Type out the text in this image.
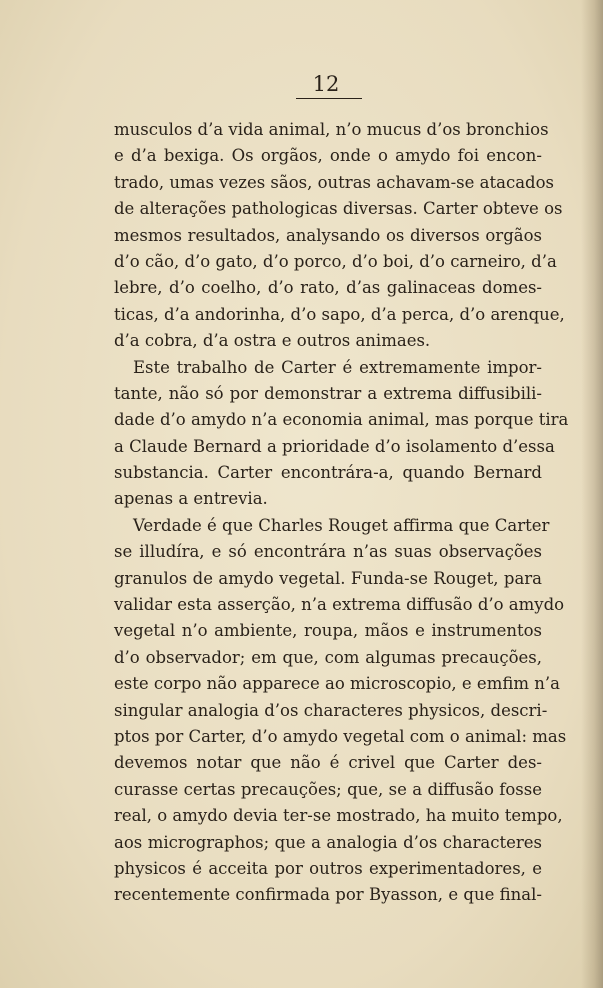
12
musculos d’a vida animal, n’o mucus d’os bronchios
e d’a bexiga. Os orgãos, onde o amydo foi encon-
trado, umas vezes sãos, outras achavam-se atacados
de alterações pathologicas diversas. Carter obteve os
mesmos resultados, analysando os diversos orgãos
d’o cão, d’o gato, d’o porco, d’o boi, d’o carneiro, d’a
lebre, d’o coelho, d’o rato, d’as galinaceas domes-
ticas, d’a andorinha, d’o sapo, d’a perca, d’o arenque,
d’a cobra, d’a ostra e outros animaes.
Este trabalho de Carter é extremamente impor-
tante, não só por demonstrar a extrema diffusibili-
dade d’o amydo n’a economia animal, mas porque tira
a Claude Bernard a prioridade d’o isolamento d’essa
substancia. Carter encontrára-a, quando Bernard
apenas a entrevia.
Verdade é que Charles Rouget affirma que Carter
se illudíra, e só encontrára n’as suas observações
granulos de amydo vegetal. Funda-se Rouget, para
validar esta asserção, n’a extrema diffusão d’o amydo
vegetal n’o ambiente, roupa, mãos e instrumentos
d’o observador; em que, com algumas precauções,
este corpo não apparece ao microscopio, e emfim n’a
singular analogia d’os characteres physicos, descri-
ptos por Carter, d’o amydo vegetal com o animal: mas
devemos notar que não é crivel que Carter des-
curasse certas precauções; que, se a diffusão fosse
real, o amydo devia ter-se mostrado, ha muito tempo,
aos micrographos; que a analogia d’os characteres
physicos é acceita por outros experimentadores, e
recentemente confirmada por Byasson, e que final-
